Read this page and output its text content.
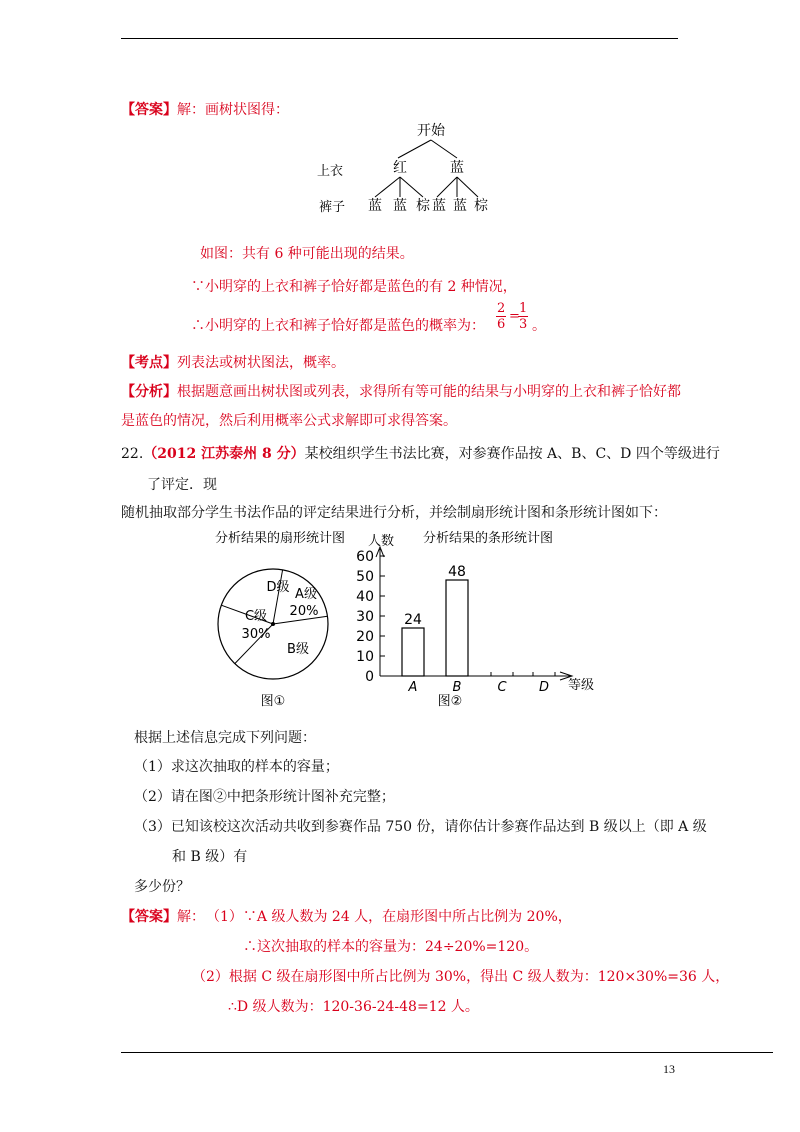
【答案】解：画树状图得：
开始
上衣	红	蓝
裤子 蓝 蓝 棕 蓝 蓝 棕
如图：共有 6 种可能出现的结果。
∵小明穿的上衣和裤子恰好都是蓝色的有 2 种情况，
∴小明穿的上衣和裤子恰好都是蓝色的概率为： $\frac{2}{6}$ =
$\frac{1}{3}$ 。
【考点】列表法或树状图法，概率。
【分析】根据题意画出树状图或列表，求得所有等可能的结果与小明穿的上衣和裤子恰好都
是蓝色的情况，然后利用概率公式求解即可求得答案。
22.（2012 江苏泰州 8 分）某校组织学生书法比赛，对参赛作品按 A、B、C、D 四个等级进行
了评定．现
随机抽取部分学生书法作品的评定结果进行分析，并绘制扇形统计图和条形统计图如下：
分析结果的扇形统计图
D级 A级
20%
C级
30%
B级
图①
分析结果的条形统计图
人数
0
10
20
30
40
50
60
24
A
48
B	C D 等级
图②
根据上述信息完成下列问题：
（1）求这次抽取的样本的容量；
（2）请在图②中把条形统计图补充完整；
（3）已知该校这次活动共收到参赛作品 750 份，请你估计参赛作品达到 B 级以上（即 A 级
和 B 级）有
多少份？
【答案】解： （1）∵A 级人数为 24 人，在扇形图中所占比例为 20%，
∴这次抽取的样本的容量为：24÷20%=120。
（2）根据 C 级在扇形图中所占比例为 30%，得出 C 级人数为：120×30%=36 人，
∴D 级人数为：120-36-24-48=12 人。
13
